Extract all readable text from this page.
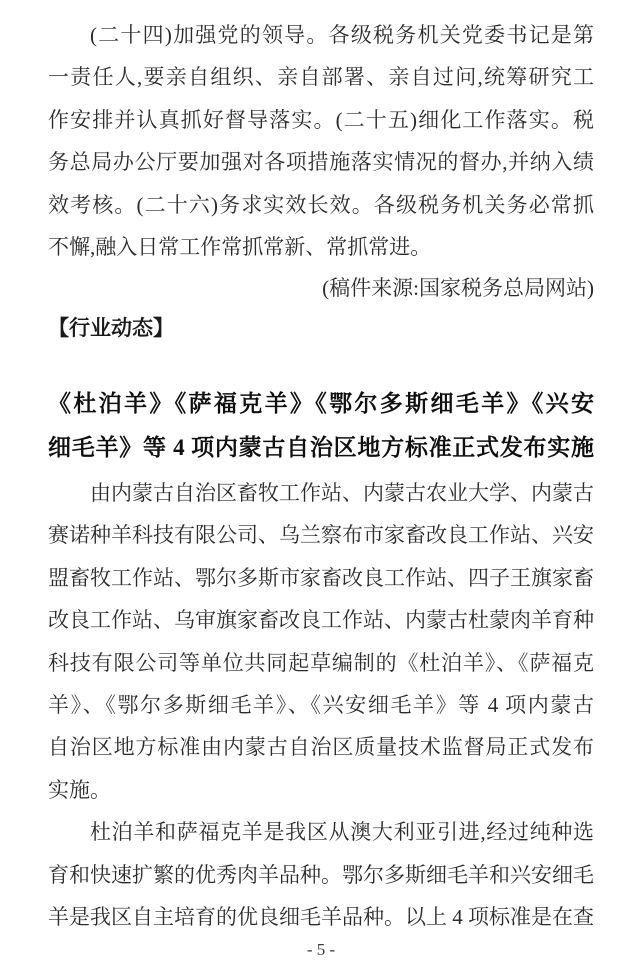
(二十四)加强党的领导。各级税务机关党委书记是第
一责任人,要亲自组织、亲自部署、亲自过问,统筹研究工
作安排并认真抓好督导落实。(二十五)细化工作落实。税
务总局办公厅要加强对各项措施落实情况的督办,并纳入绩
效考核。(二十六)务求实效长效。各级税务机关务必常抓
不懈,融入日常工作常抓常新、常抓常进。
(稿件来源:国家税务总局网站)
【行业动态】
《杜泊羊》《萨福克羊》《鄂尔多斯细毛羊》《兴安
细毛羊》等 4 项内蒙古自治区地方标准正式发布实施
由内蒙古自治区畜牧工作站、内蒙古农业大学、内蒙古
赛诺种羊科技有限公司、乌兰察布市家畜改良工作站、兴安
盟畜牧工作站、鄂尔多斯市家畜改良工作站、四子王旗家畜
改良工作站、乌审旗家畜改良工作站、内蒙古杜蒙肉羊育种
科技有限公司等单位共同起草编制的《杜泊羊》、《萨福克
羊》、《鄂尔多斯细毛羊》、《兴安细毛羊》等 4 项内蒙古
自治区地方标准由内蒙古自治区质量技术监督局正式发布
实施。
杜泊羊和萨福克羊是我区从澳大利亚引进,经过纯种选
育和快速扩繁的优秀肉羊品种。鄂尔多斯细毛羊和兴安细毛
羊是我区自主培育的优良细毛羊品种。以上 4 项标准是在查
- 5 -
